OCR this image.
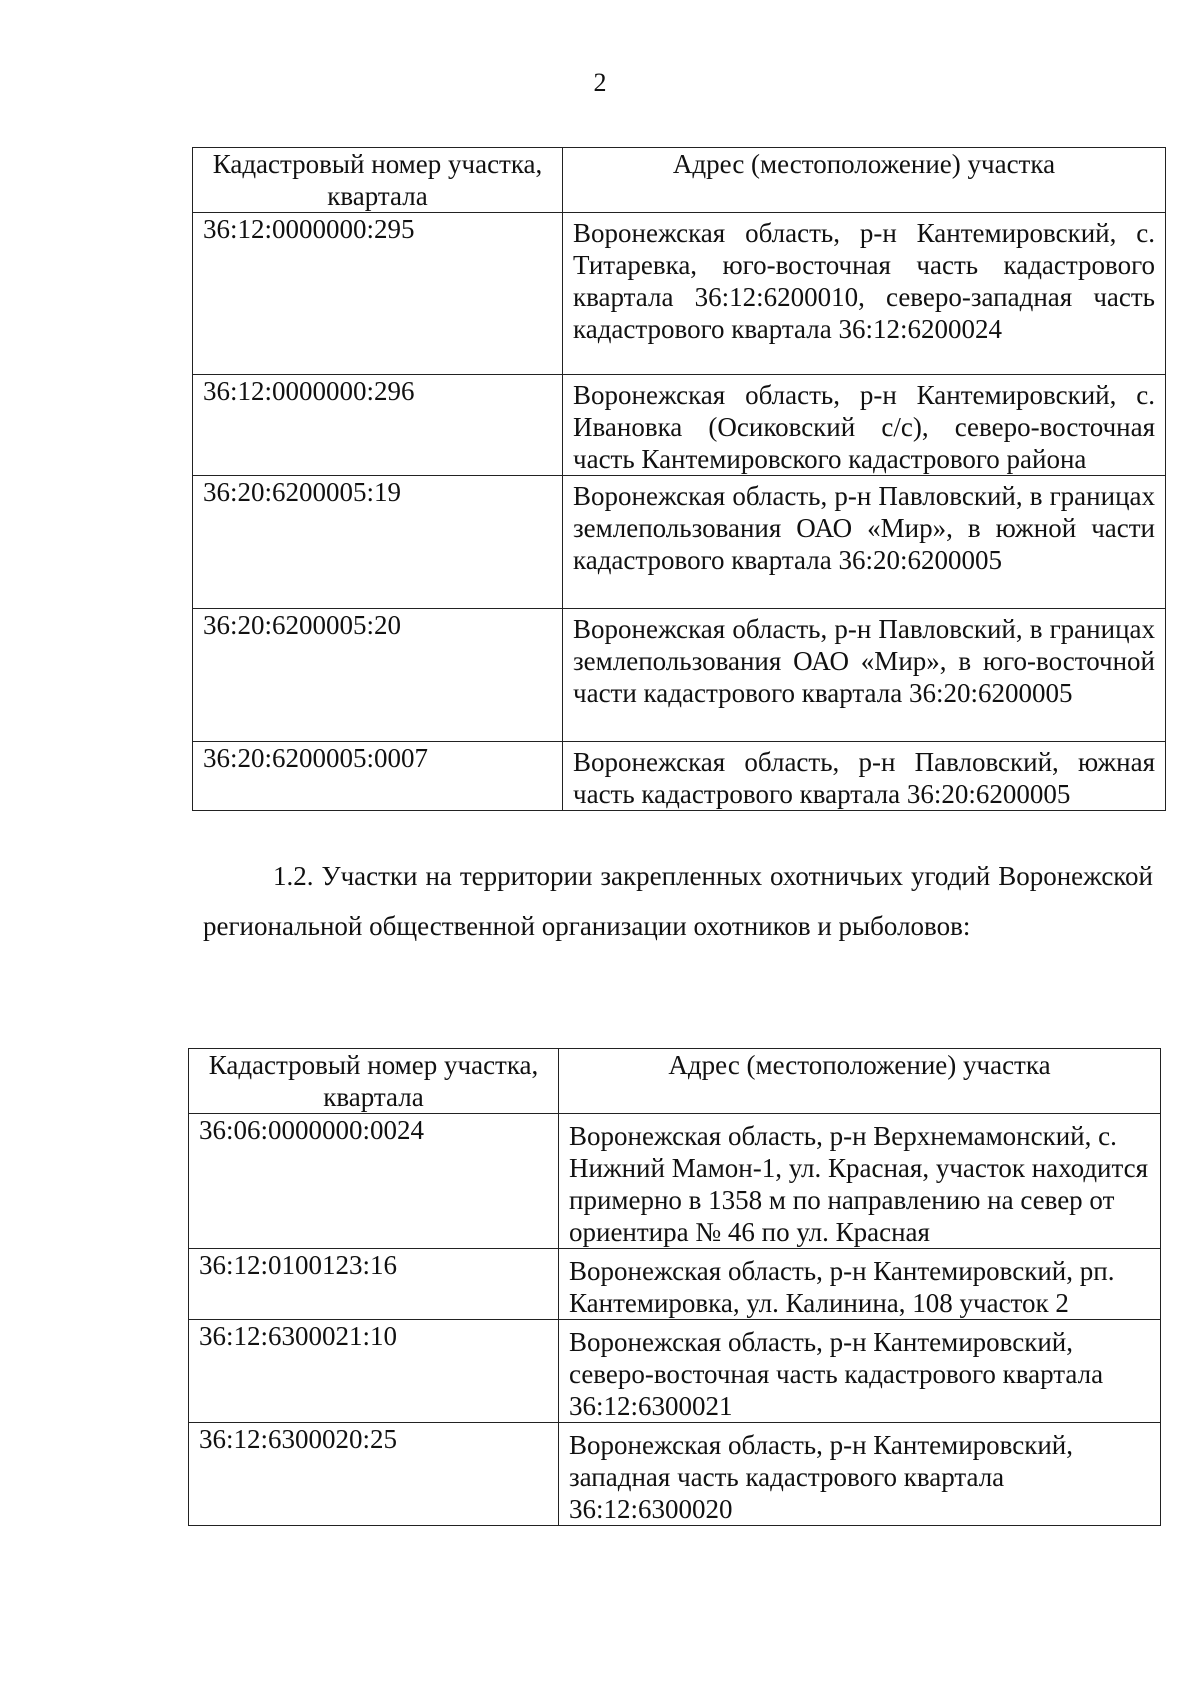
2
Кадастровый номер участка, квартала	Адрес (местоположение) участка
36:12:0000000:295	Воронежская область, р-н Кантемировский, с. Титаревка, юго-восточная часть кадастрового квартала 36:12:6200010, северо-западная часть кадастрового квартала 36:12:6200024
36:12:0000000:296	Воронежская область, р-н Кантемировский, с. Ивановка (Осиковский с/с), северо-восточная часть Кантемировского кадастрового района
36:20:6200005:19	Воронежская область, р-н Павловский, в границах землепользования ОАО «Мир», в южной части кадастрового квартала 36:20:6200005
36:20:6200005:20	Воронежская область, р-н Павловский, в границах землепользования ОАО «Мир», в юго-восточной части кадастрового квартала 36:20:6200005
36:20:6200005:0007	Воронежская область, р-н Павловский, южная часть кадастрового квартала 36:20:6200005

1.2. Участки на территории закрепленных охотничьих угодий Воронежской региональной общественной организации охотников и рыболовов:

Кадастровый номер участка, квартала	Адрес (местоположение) участка
36:06:0000000:0024	Воронежская область, р-н Верхнемамонский, с. Нижний Мамон-1, ул. Красная, участок находится примерно в 1358 м по направлению на север от ориентира № 46 по ул. Красная
36:12:0100123:16	Воронежская область, р-н Кантемировский, рп. Кантемировка, ул. Калинина, 108 участок 2
36:12:6300021:10	Воронежская область, р-н Кантемировский, северо-восточная часть кадастрового квартала 36:12:6300021
36:12:6300020:25	Воронежская область, р-н Кантемировский, западная часть кадастрового квартала 36:12:6300020
